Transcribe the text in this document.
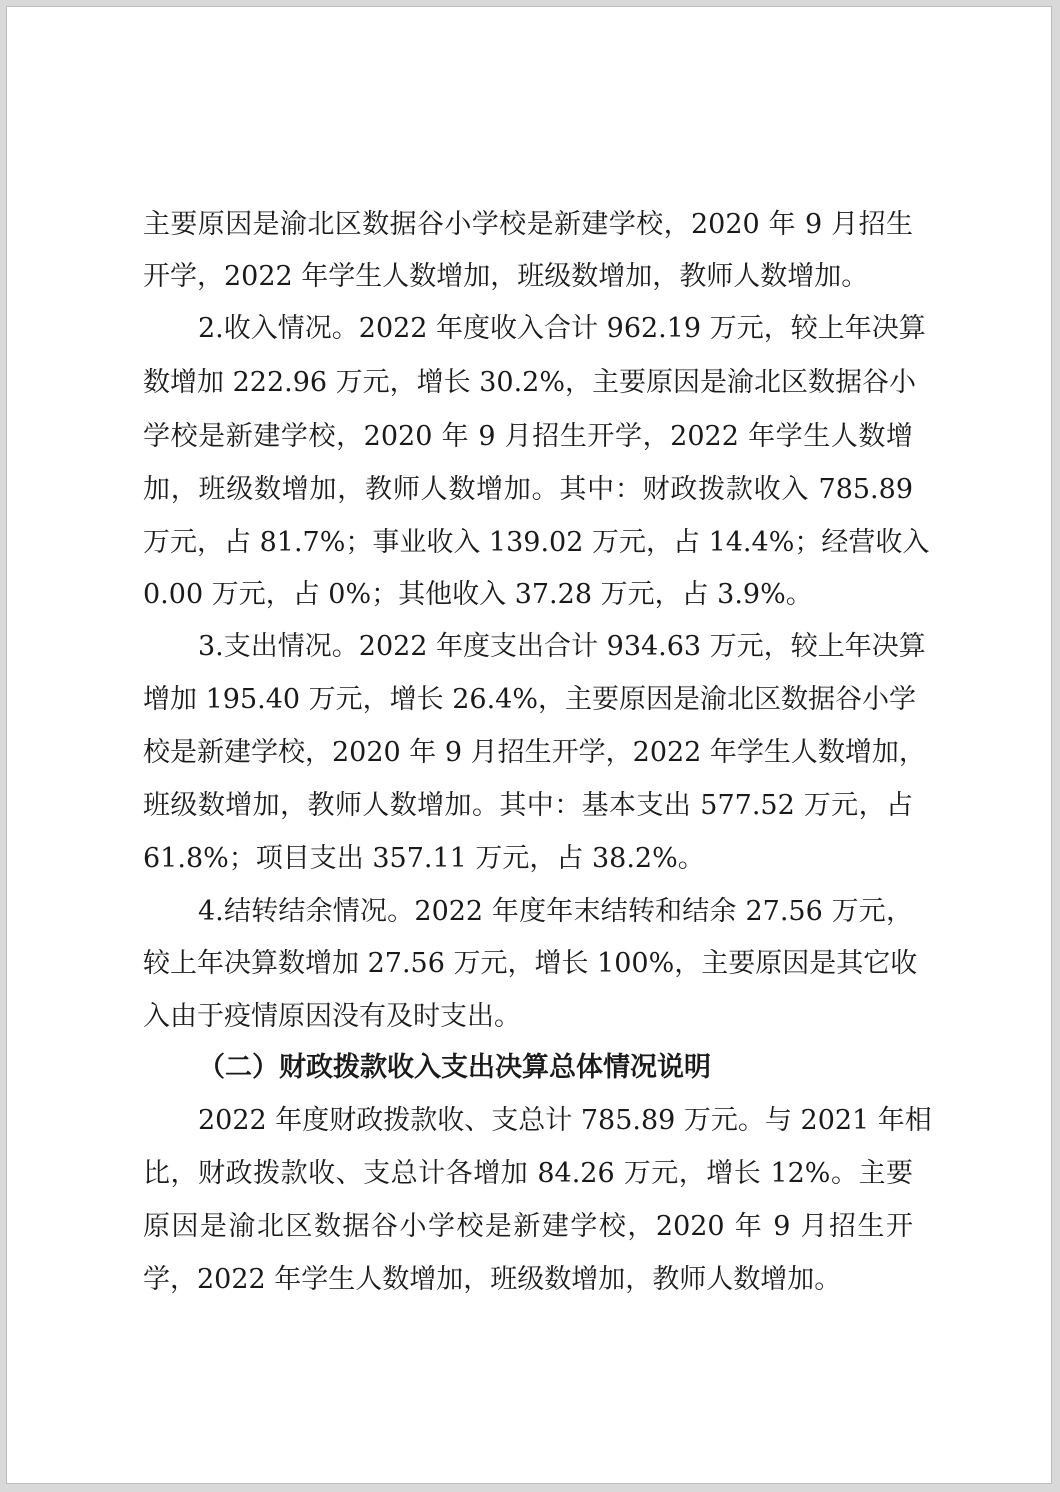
主要原因是渝北区数据谷小学校是新建学校，2020 年 9 月招生
开学，2022 年学生人数增加，班级数增加，教师人数增加。
2.收入情况。2022 年度收入合计 962.19 万元，较上年决算
数增加 222.96 万元，增长 30.2%，主要原因是渝北区数据谷小
学校是新建学校，2020 年 9 月招生开学，2022 年学生人数增
加，班级数增加，教师人数增加。其中：财政拨款收入 785.89
万元，占 81.7%；事业收入 139.02 万元，占 14.4%；经营收入
0.00 万元，占 0%；其他收入 37.28 万元，占 3.9%。
3.支出情况。2022 年度支出合计 934.63 万元，较上年决算
增加 195.40 万元，增长 26.4%，主要原因是渝北区数据谷小学
校是新建学校，2020 年 9 月招生开学，2022 年学生人数增加，
班级数增加，教师人数增加。其中：基本支出 577.52 万元，占
61.8%；项目支出 357.11 万元，占 38.2%。
4.结转结余情况。2022 年度年末结转和结余 27.56 万元，
较上年决算数增加 27.56 万元，增长 100%，主要原因是其它收
入由于疫情原因没有及时支出。
（二）财政拨款收入支出决算总体情况说明
2022 年度财政拨款收、支总计 785.89 万元。与 2021 年相
比，财政拨款收、支总计各增加 84.26 万元，增长 12%。主要
原因是渝北区数据谷小学校是新建学校，2020 年 9 月招生开
学，2022 年学生人数增加，班级数增加，教师人数增加。
